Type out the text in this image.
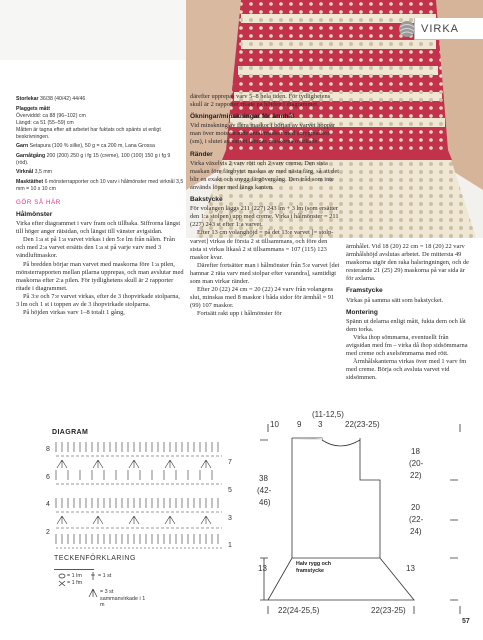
VIRKA

Storlekar 36/38 (40/42) 44/46

Plaggets mått

Överviddd: ca 88 (96–102) cm

Längd: ca 51 (55–59) cm

Måtten är tagna efter att arbetet har fuktats och spänts ut enligt beskrivningen.

Garn Setapura (100 % silke), 50 g = ca 200 m, Lana Grossa

Garnåtgång 200 (200) 250 g i fg 15 (creme), 100 (100) 150 g i fg 9 (röd).

Virknål 3,5 mm

Masktäthet 6 mönsterrapporter och 10 varv i hålmönster med virknål 3,5 mm = 10 x 10 cm

GÖR SÅ HÄR
Hålmönster

Virka efter diagrammet i varv fram och tillbaka. Siffrorna längst till höger anger rätsidan, och längst till vänster avigsidan.

Den 1:a st på 1:a varvet virkas i den 5:e lm från nålen. Från och med 2:a varvet ersätts den 1:a st på varje varv med 3 vändluftmaskor.

På bredden börjar man varvet med maskorna före 1:a pilen, mönsterrapporten mellan pilarna upprepas, och man avslutar med maskorna efter 2:a pilen. För tydlighetens skull är 2 rapporter ritade i diagrammet.

På 3:e och 7:e varvet virkas, efter de 3 ihopvirkade stolparna, 3 lm och 1 st i toppen av de 3 ihopvirkade stolparna.

På höjden virkas varv 1–8 totalt 1 gång,

därefter upprepas varv 5–8 hela tiden. För tydlighetens skull är 2 rapporter ritade på höjden i diagrammet.

Ökningar/minskningar för ärmhål

Vid minskning av flera maskor i början av varvet hoppar man över motsvarande antal maskor med smygmaskor (sm), i slutet av varvet lämnas maskorna ovirkade.

Ränder

Virka växelvis 2 varv rött och 2 varv creme. Den sista maskan före färgbytet maskas av med nästa färg, så att det blir en exakt och snygg färgövergång. Den tråd som inte används löper med längs kanten.

Bakstycke

För volangen läggs 211 (227) 243 lm + 3 lm (som ersätter den 1:a stolpen) upp med creme. Virka i hålmönster = 211 (227) 243 st efter 1:a varvet.

Efter 13 cm volanghöjd = på det 13:e varvet [= stolp-varvet] virkas de första 2 st tillsammans, och före den sista st virkas likaså 2 st tillsammans = 107 (115) 123 maskor kvar.

Därefter fortsätter man i hålmönster från 5:e varvet [det hamnar 2 räta varv med stolpar efter varandra], samtidigt som man virkar ränder.

Efter 20 (22) 24 cm = 20 (22) 24 varv från volangens slut, minskas med 8 maskor i båda sidor för ärmhål = 91 (99) 107 maskor.

Fortsätt rakt upp i hålmönster för

ärmhålet. Vid 18 (20) 22 cm = 18 (20) 22 varv ärmhålshöjd avslutas arbetet. De mittersta 49 maskorna utgör den raka halsringningen, och de resterande 21 (25) 29) maskorna på var sida är för axlarna.

Framstycke

Virkas på samma sätt som bakstycket.

Montering

Spänn ut delarna enligt mått, fukta dem och låt dem torka.

Virka ihop sömmarna, eventuellt från avigsidan med fm – virka då ihop sidsömmarna med creme och axelsömmarna med rött.

Ärmhålskanterna virkas över med 1 varv fm med creme. Börja och avsluta varvet vid sidsömmen.

DIAGRAM
8
6
4
2
7
5
3
1
TECKENFÖRKLARING
= 1 lm
= 1 fm
= 1 st
= 3 st sammanvirkade i 1 m
(11-12,5)
10 9 3	22(23-25)
38
(42-
46)
18
(20-
22)
20
(22-
24)
13	13
Halv rygg och
framstycke
22(24-25,5)	22(23-25)
57
